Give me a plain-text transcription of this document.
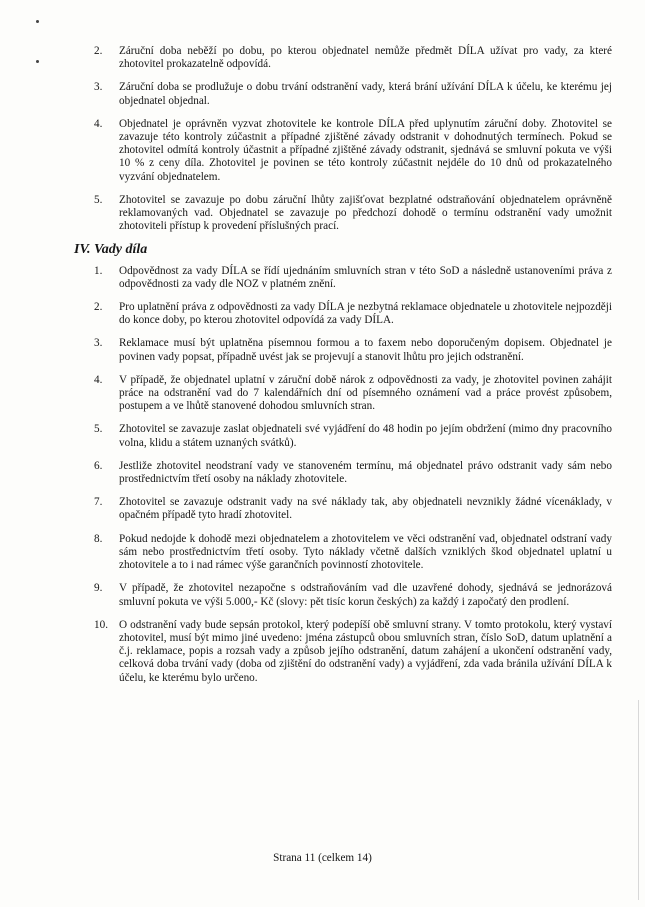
2. Záruční doba neběží po dobu, po kterou objednatel nemůže předmět DÍLA užívat pro vady, za které zhotovitel prokazatelně odpovídá.
3. Záruční doba se prodlužuje o dobu trvání odstranění vady, která brání užívání DÍLA k účelu, ke kterému jej objednatel objednal.
4. Objednatel je oprávněn vyzvat zhotovitele ke kontrole DÍLA před uplynutím záruční doby. Zhotovitel se zavazuje této kontroly zúčastnit a případné zjištěné závady odstranit v dohodnutých termínech. Pokud se zhotovitel odmítá kontroly účastnit a případné zjištěné závady odstranit, sjednává se smluvní pokuta ve výši 10 % z ceny díla. Zhotovitel je povinen se této kontroly zúčastnit nejdéle do 10 dnů od prokazatelného vyzvání objednatelem.
5. Zhotovitel se zavazuje po dobu záruční lhůty zajišťovat bezplatné odstraňování objednatelem oprávněně reklamovaných vad. Objednatel se zavazuje po předchozí dohodě o termínu odstranění vady umožnit zhotoviteli přístup k provedení příslušných prací.
IV. Vady díla
1. Odpovědnost za vady DÍLA se řídí ujednáním smluvních stran v této SoD a následně ustanoveními práva z odpovědnosti za vady dle NOZ v platném znění.
2. Pro uplatnění práva z odpovědnosti za vady DÍLA je nezbytná reklamace objednatele u zhotovitele nejpozději do konce doby, po kterou zhotovitel odpovídá za vady DÍLA.
3. Reklamace musí být uplatněna písemnou formou a to faxem nebo doporučeným dopisem. Objednatel je povinen vady popsat, případně uvést jak se projevují a stanovit lhůtu pro jejich odstranění.
4. V případě, že objednatel uplatní v záruční době nárok z odpovědnosti za vady, je zhotovitel povinen zahájit práce na odstranění vad do 7 kalendářních dní od písemného oznámení vad a práce provést způsobem, postupem a ve lhůtě stanovené dohodou smluvních stran.
5. Zhotovitel se zavazuje zaslat objednateli své vyjádření do 48 hodin po jejím obdržení (mimo dny pracovního volna, klidu a státem uznaných svátků).
6. Jestliže zhotovitel neodstraní vady ve stanoveném termínu, má objednatel právo odstranit vady sám nebo prostřednictvím třetí osoby na náklady zhotovitele.
7. Zhotovitel se zavazuje odstranit vady na své náklady tak, aby objednateli nevznikly žádné vícenáklady, v opačném případě tyto hradí zhotovitel.
8. Pokud nedojde k dohodě mezi objednatelem a zhotovitelem ve věci odstranění vad, objednatel odstraní vady sám nebo prostřednictvím třetí osoby. Tyto náklady včetně dalších vzniklých škod objednatel uplatní u zhotovitele a to i nad rámec výše garančních povinností zhotovitele.
9. V případě, že zhotovitel nezapočne s odstraňováním vad dle uzavřené dohody, sjednává se jednorázová smluvní pokuta ve výši 5.000,- Kč (slovy: pět tisíc korun českých) za každý i započatý den prodlení.
10. O odstranění vady bude sepsán protokol, který podepíší obě smluvní strany. V tomto protokolu, který vystaví zhotovitel, musí být mimo jiné uvedeno: jména zástupců obou smluvních stran, číslo SoD, datum uplatnění a č.j. reklamace, popis a rozsah vady a způsob jejího odstranění, datum zahájení a ukončení odstranění vady, celková doba trvání vady (doba od zjištění do odstranění vady) a vyjádření, zda vada bránila užívání DÍLA k účelu, ke kterému bylo určeno.
Strana 11 (celkem 14)
